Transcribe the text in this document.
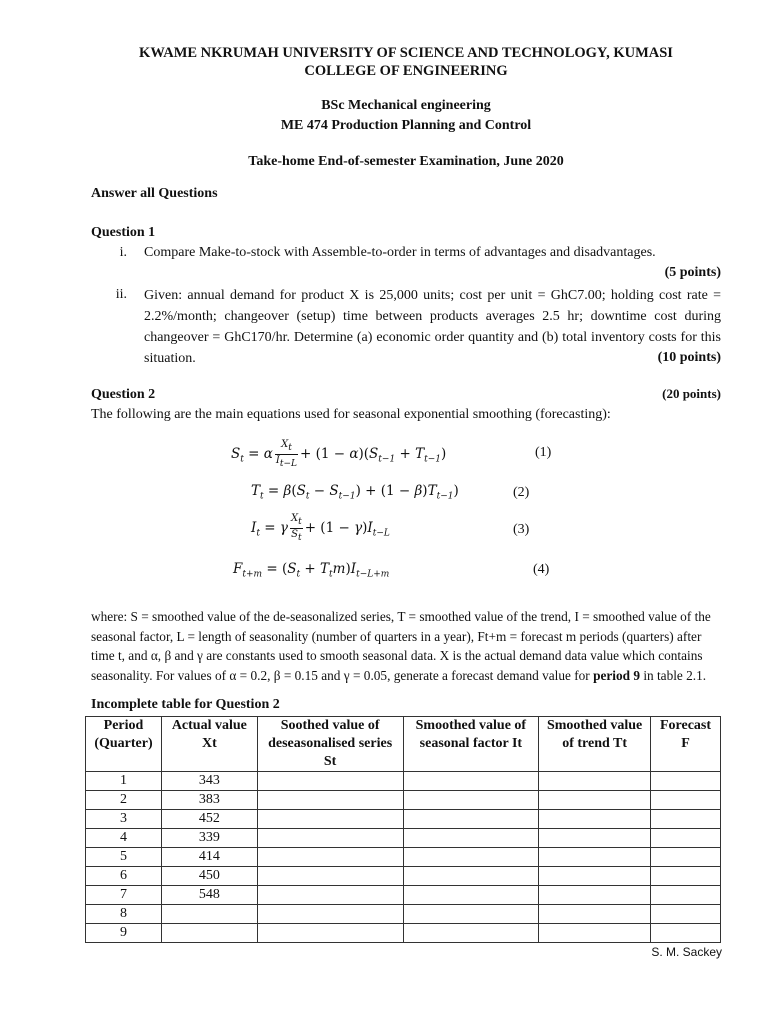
KWAME NKRUMAH UNIVERSITY OF SCIENCE AND TECHNOLOGY, KUMASI
COLLEGE OF ENGINEERING
BSc Mechanical engineering
ME 474 Production Planning and Control
Take-home End-of-semester Examination, June 2020
Answer all Questions
Question 1
i.	Compare Make-to-stock with Assemble-to-order in terms of advantages and disadvantages.
(5 points)
ii.	Given: annual demand for product X is 25,000 units; cost per unit = GhC7.00; holding cost rate = 2.2%/month; changeover (setup) time between products averages 2.5 hr; downtime cost during changeover = GhC170/hr. Determine (a) economic order quantity and (b) total inventory costs for this situation.	(10 points)
Question 2	(20 points)
The following are the main equations used for seasonal exponential smoothing (forecasting):
$S_t = \alpha \frac{X_t}{I_{t-L}} + (1 - \alpha)(S_{t-1} + T_{t-1})$	(1)
$T_t = \beta(S_t - S_{t-1}) + (1 - \beta)T_{t-1}$)	(2)
$I_t = \gamma \frac{X_t}{S_t} + (1 - \gamma)I_{t-L}$	(3)
$F_{t+m} = (S_t + T_tm)I_{t-L+m}$	(4)

where: S = smoothed value of the de-seasonalized series, T = smoothed value of the trend, I = smoothed value of the seasonal factor, L = length of seasonality (number of quarters in a year), Ft+m = forecast m periods (quarters) after time t, and α, β and γ are constants used to smooth seasonal data. X is the actual demand data value which contains seasonality. For values of α = 0.2, β = 0.15 and γ = 0.05, generate a forecast demand value for period 9 in table 2.1.

Incomplete table for Question 2
Period (Quarter)	Actual value Xt	Soothed value of deseasonalised series St	Smoothed value of seasonal factor It	Smoothed value of trend Tt	Forecast F
1	343				
2	383				
3	452				
4	339				
5	414				
6	450				
7	548				
8					
9					
S. M. Sackey
